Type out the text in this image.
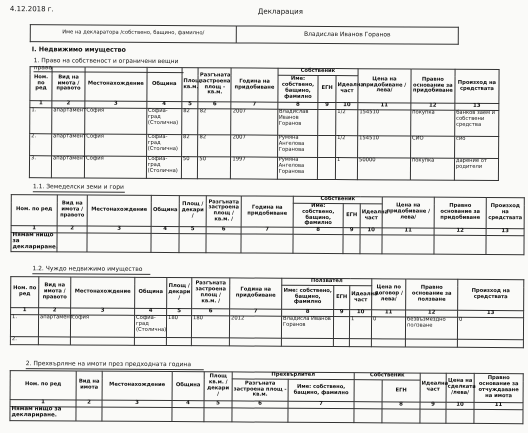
4.12.2018 г.	Декларация
Име на декларатора /собствено, бащино, фамилно/	Владислав Иванов Горанов
I. Недвижимо имущество
1. Право на собственост и ограничени вещни права
Ном. по ред	Вид на имота / правото	Местонахождение	Община	Площ кв.м.	Разгъната застроена площ - кв.м.	Година на придобиване	Собственик			Цена на придобиване /лева/	Правно основание за придобиване	Произход на средствата
							Име: собствено, бащино, фамилно	ЕГН	Идеална част			
1	2	3	4	5	6	7	8	9	10	11	12	13
1.	апартамент	София	Софиа-град (Столична)	82	82	2007	Владислав Иванов Горанов		1/2	154510	покупка	банков заем и собствени средства
2.	апартамент	София	Софиа-град (Столична)	82	82	2007	Румяна Ангелова Горанова		1/2	154510	СИО	сио
3.	апартамент	София	Софиа-град (Столична)	50	50	1997	Румяна Ангелова Горанова		1	50000	покупка	дарение от родители
1.1. Земеделски земи и гори
Ном. по ред	Вид на имота / правото	Местонахождение	Община	Площ / декари /	Разгъната застроена площ / кв.м. /	Година на придобиване	Собственик			Цена на придобиване /лева/	Правно основание за придобиване	Произход на средствата
							Име: собствено, бащино, фамилно	ЕГН	Идеална част			
1	2	3	4	5	6	7	8	9	10	11	12	13
Нямам нищо за деклариране.												
1.2. Чуждо недвижимо имущество
Ном. по ред	Вид на имота / правото	Местонахождение	Община	Площ / декари /	Разгъната застроена площ / кв.м. /	Година на придобиване	Ползвател			Цена по договор /лева/	Правно основание за ползване	Произход на средствата
							Име: собствено, бащино, фамилно	ЕГН	Идеална част			
1	2	3	4	5	6	7	8	9	10	11	12	13
1.	апартамент	софия	Софиа-град (Столична)	180	180	2012	Владисла Иванов Горанов		1	0	безвъзмездно ползване	0
2.												
2. Прехвърляне на имоти през предходната година
Ном. по ред	Вид на имота	Местонахождение	Община	Площ кв.м. / декари /	Прехвърлител		Собственик		Идеална част	Цена на сделката /лева/	Правно основание за отчуждаване на имота
					Разгъната застроена площ - кв.м.	Име: собствено, бащино, фамилно		ЕГН			
1	2	3	4	5	6	7		8	9	10	11
Нямам нищо за деклариране.											
